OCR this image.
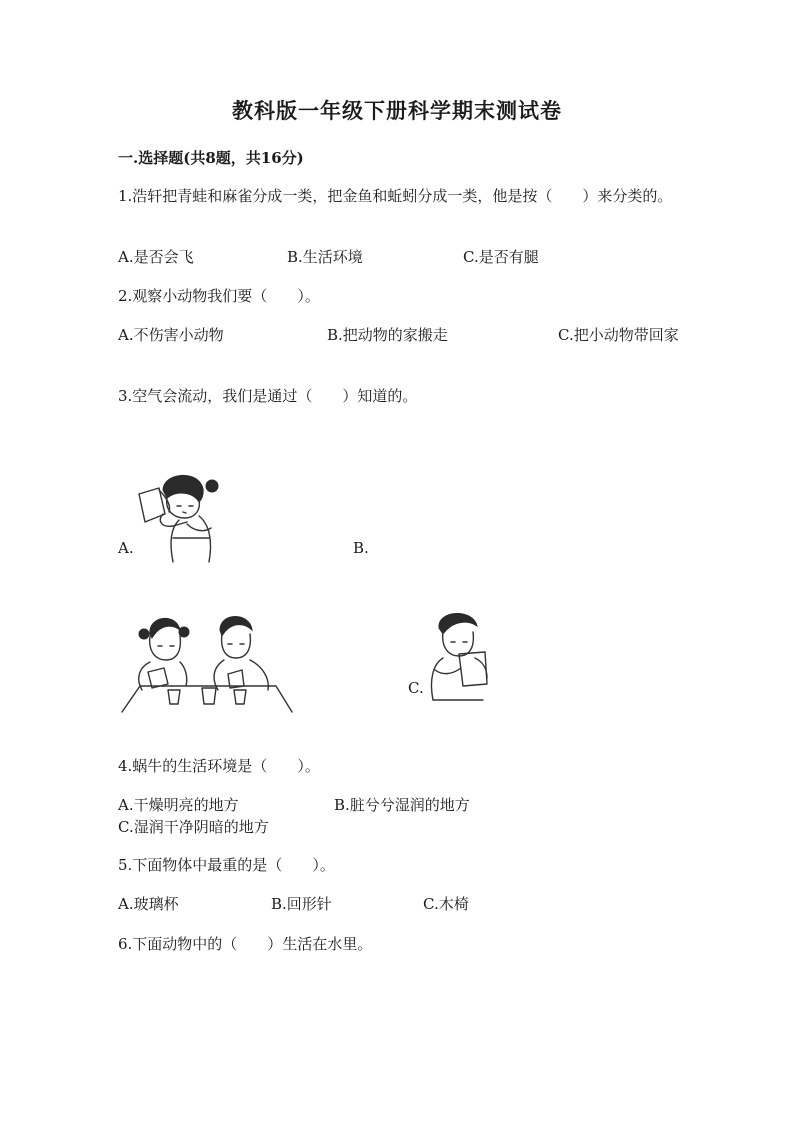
教科版一年级下册科学期末测试卷
一.选择题(共8题，共16分)
1.浩轩把青蛙和麻雀分成一类，把金鱼和蚯蚓分成一类，他是按（　　）来分类的。
A.是否会飞	B.生活环境	C.是否有腿
2.观察小动物我们要（　　）。
A.不伤害小动物	B.把动物的家搬走	C.把小动物带回家
3.空气会流动，我们是通过（　　）知道的。
A.	B.
C.
4.蜗牛的生活环境是（　　）。
A.干燥明亮的地方	B.脏兮兮湿润的地方C.湿润干净阴暗的地方
5.下面物体中最重的是（　　）。
A.玻璃杯	B.回形针	C.木椅
6.下面动物中的（　　）生活在水里。
